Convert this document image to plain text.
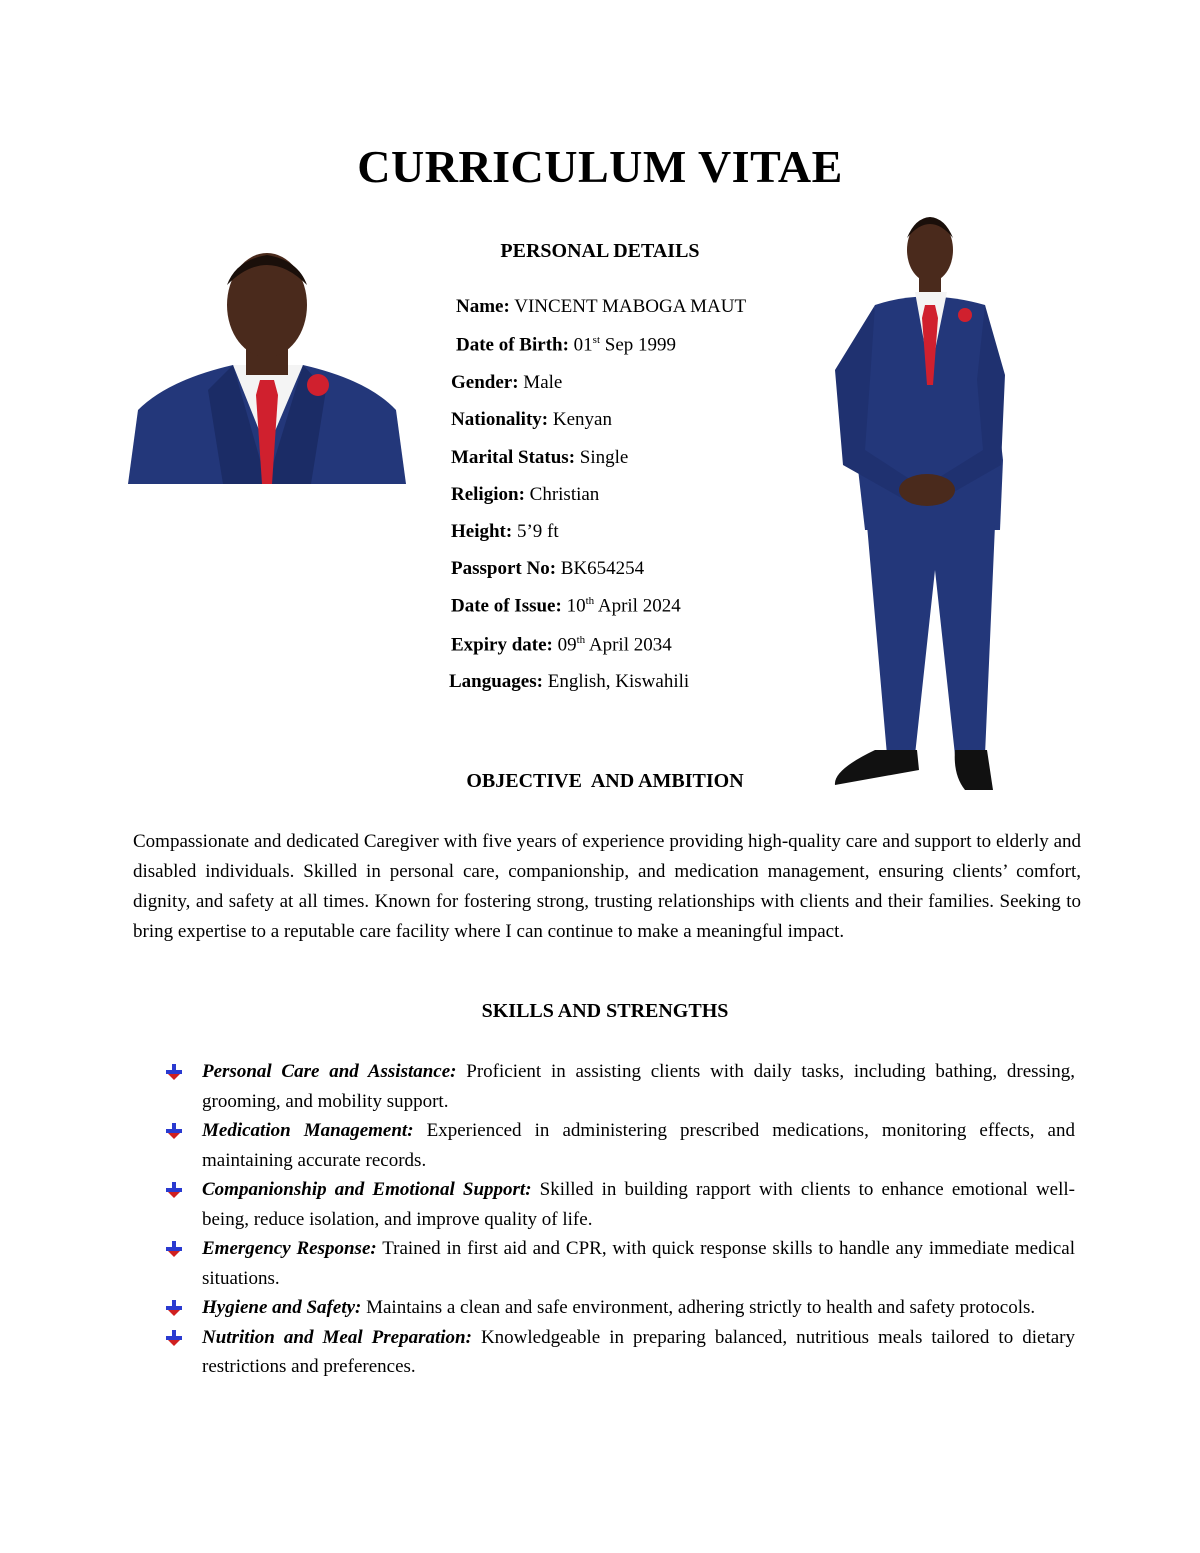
CURRICULUM VITAE
PERSONAL DETAILS
Name: VINCENT MABOGA MAUT
Date of Birth: 01st Sep 1999
Gender: Male
Nationality: Kenyan
Marital Status: Single
Religion: Christian
Height: 5’9 ft
Passport No: BK654254
Date of Issue: 10th April 2024
Expiry date: 09th April 2034
Languages: English, Kiswahili
OBJECTIVE  AND AMBITION
Compassionate and dedicated Caregiver with five years of experience providing high-quality care and support to elderly and disabled individuals. Skilled in personal care, companionship, and medication management, ensuring clients’ comfort, dignity, and safety at all times. Known for fostering strong, trusting relationships with clients and their families. Seeking to bring expertise to a reputable care facility where I can continue to make a meaningful impact.
SKILLS AND STRENGTHS
Personal Care and Assistance: Proficient in assisting clients with daily tasks, including bathing, dressing, grooming, and mobility support.
Medication Management: Experienced in administering prescribed medications, monitoring effects, and maintaining accurate records.
Companionship and Emotional Support: Skilled in building rapport with clients to enhance emotional well-being, reduce isolation, and improve quality of life.
Emergency Response: Trained in first aid and CPR, with quick response skills to handle any immediate medical situations.
Hygiene and Safety: Maintains a clean and safe environment, adhering strictly to health and safety protocols.
Nutrition and Meal Preparation: Knowledgeable in preparing balanced, nutritious meals tailored to dietary restrictions and preferences.
